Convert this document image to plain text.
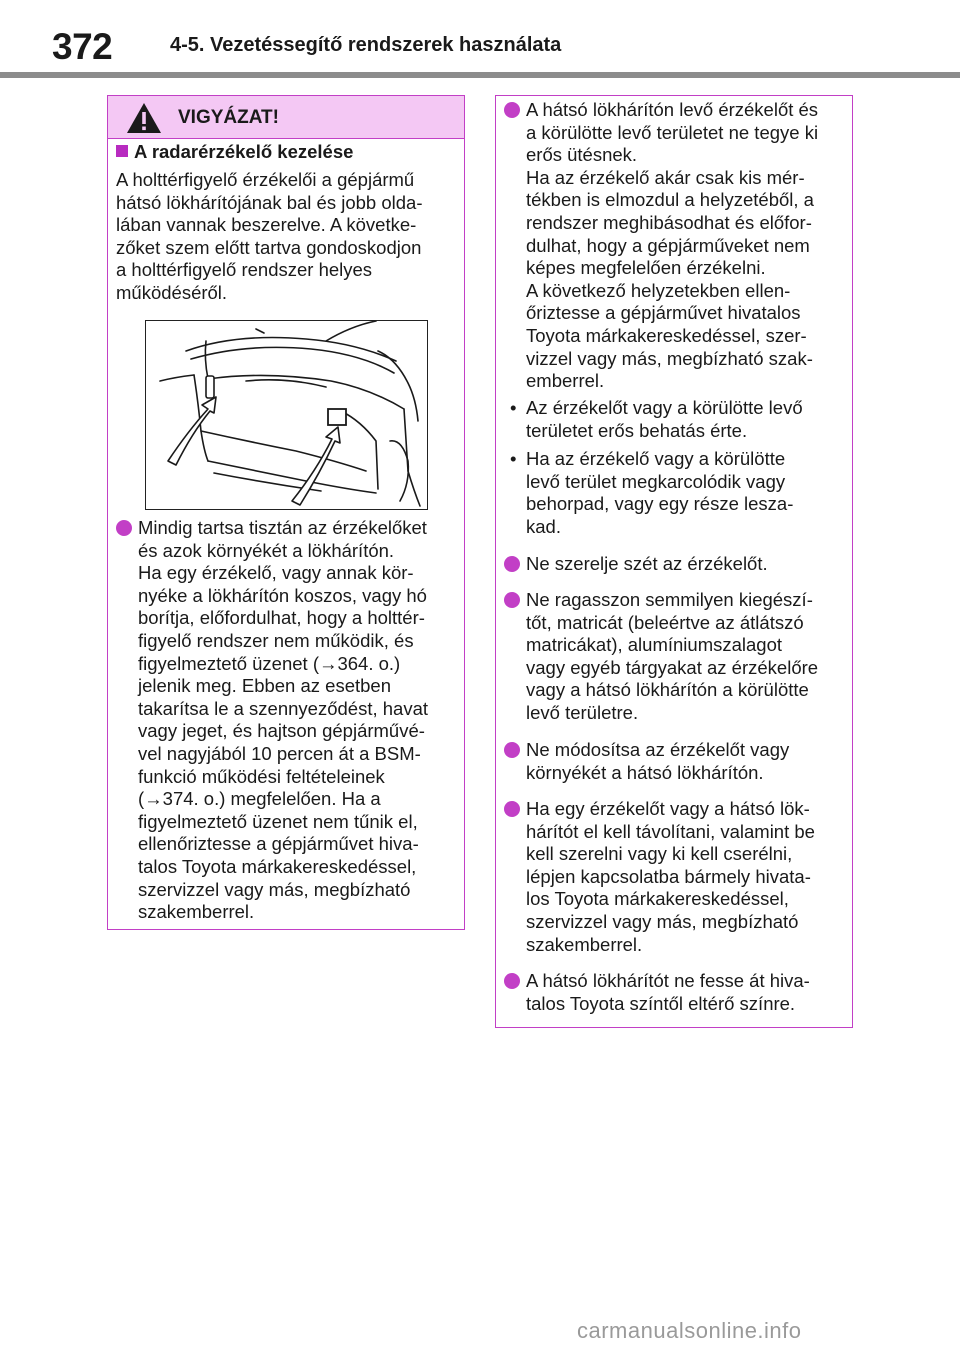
372	4-5. Vezetéssegítő rendszerek használata
VIGYÁZAT!

A radarérzékelő kezelése

A holttérfigyelő érzékelői a gépjármű
hátsó lökhárítójának bal és jobb olda-
lában vannak beszerelve. A követke-
zőket szem előtt tartva gondoskodjon
a holttérfigyelő rendszer helyes
működéséről.

Mindig tartsa tisztán az érzékelőket
és azok környékét a lökhárítón.
Ha egy érzékelő, vagy annak kör-
nyéke a lökhárítón koszos, vagy hó
borítja, előfordulhat, hogy a holttér-
figyelő rendszer nem működik, és
figyelmeztető üzenet (→364. o.)
jelenik meg. Ebben az esetben
takarítsa le a szennyeződést, havat
vagy jeget, és hajtson gépjárművé-
vel nagyjából 10 percen át a BSM-
funkció működési feltételeinek
(→374. o.) megfelelően. Ha a
figyelmeztető üzenet nem tűnik el,
ellenőriztesse a gépjárművet hiva-
talos Toyota márkakereskedéssel,
szervizzel vagy más, megbízható
szakemberrel.
A hátsó lökhárítón levő érzékelőt és
a körülötte levő területet ne tegye ki
erős ütésnek.
Ha az érzékelő akár csak kis mér-
tékben is elmozdul a helyzetéből, a
rendszer meghibásodhat és előfor-
dulhat, hogy a gépjárműveket nem
képes megfelelően érzékelni.
A következő helyzetekben ellen-
őriztesse a gépjárművet hivatalos
Toyota márkakereskedéssel, szer-
vizzel vagy más, megbízható szak-
emberrel.
• Az érzékelőt vagy a körülötte levő
területet erős behatás érte.
• Ha az érzékelő vagy a körülötte
levő terület megkarcolódik vagy
behorpad, vagy egy része lesza-
kad.
Ne szerelje szét az érzékelőt.
Ne ragasszon semmilyen kiegészí-
tőt, matricát (beleértve az átlátszó
matricákat), alumíniumszalagot
vagy egyéb tárgyakat az érzékelőre
vagy a hátsó lökhárítón a körülötte
levő területre.
Ne módosítsa az érzékelőt vagy
környékét a hátsó lökhárítón.
Ha egy érzékelőt vagy a hátsó lök-
hárítót el kell távolítani, valamint be
kell szerelni vagy ki kell cserélni,
lépjen kapcsolatba bármely hivata-
los Toyota márkakereskedéssel,
szervizzel vagy más, megbízható
szakemberrel.
A hátsó lökhárítót ne fesse át hiva-
talos Toyota színtől eltérő színre.
carmanualsonline.info
